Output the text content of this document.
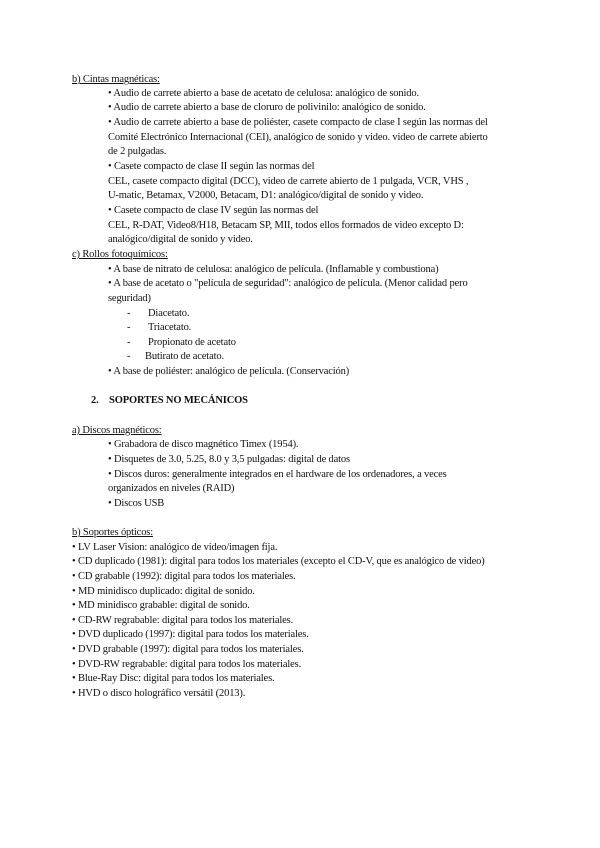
b) Cintas magnéticas:
• Audio de carrete abierto a base de acetato de celulosa: analógico de sonido.
• Audio de carrete abierto a base de cloruro de polivinilo: analógico de sonido.
• Audio de carrete abierto a base de poliéster, casete compacto de clase I según las normas del
Comité Electrónico Internacional (CEI), analógico de sonido y video. video de carrete abierto
de 2 pulgadas.
• Casete compacto de clase II según las normas del
CEL, casete compacto digital (DCC), video de carrete abierto de 1 pulgada, VCR, VHS ,
U-matic, Betamax, V2000, Betacam, D1: analógico/digital de sonido y video.
• Casete compacto de clase IV según las normas del
CEL, R-DAT, Video8/H18, Betacam SP, MII, todos ellos formados de video excepto D:
analógico/digital de sonido y video.
c) Rollos fotoquímicos:
• A base de nitrato de celulosa: analógico de película. (Inflamable y combustiona)
• A base de acetato o "película de seguridad": analógico de película. (Menor calidad pero
seguridad)
- Diacetato.
- Triacetato.
- Propionato de acetato
- Butirato de acetato.
• A base de poliéster: analógico de película. (Conservación)
2. SOPORTES NO MECÁNICOS
a) Discos magnéticos:
• Grabadora de disco magnético Timex (1954).
• Disquetes de 3.0, 5.25, 8.0 y 3,5 pulgadas: digital de datos
• Discos duros: generalmente integrados en el hardware de los ordenadores, a veces
organizados en niveles (RAID)
• Discos USB
b) Soportes ópticos:
• LV Laser Vision: analógico de video/imagen fija.
• CD duplicado (1981): digital para todos los materiales (excepto el CD-V, que es analógico de video)
• CD grabable (1992): digital para todos los materiales.
• MD minidisco duplicado: digital de sonido.
• MD minidisco grabable: digital de sonido.
• CD-RW regrabable: digital para todos los materiales.
• DVD duplicado (1997): digital para todos los materiales.
• DVD grabable (1997): digital para todos los materiales.
• DVD-RW regrabable: digital para todos los materiales.
• Blue-Ray Disc: digital para todos los materiales.
• HVD o disco holográfico versátil (2013).
